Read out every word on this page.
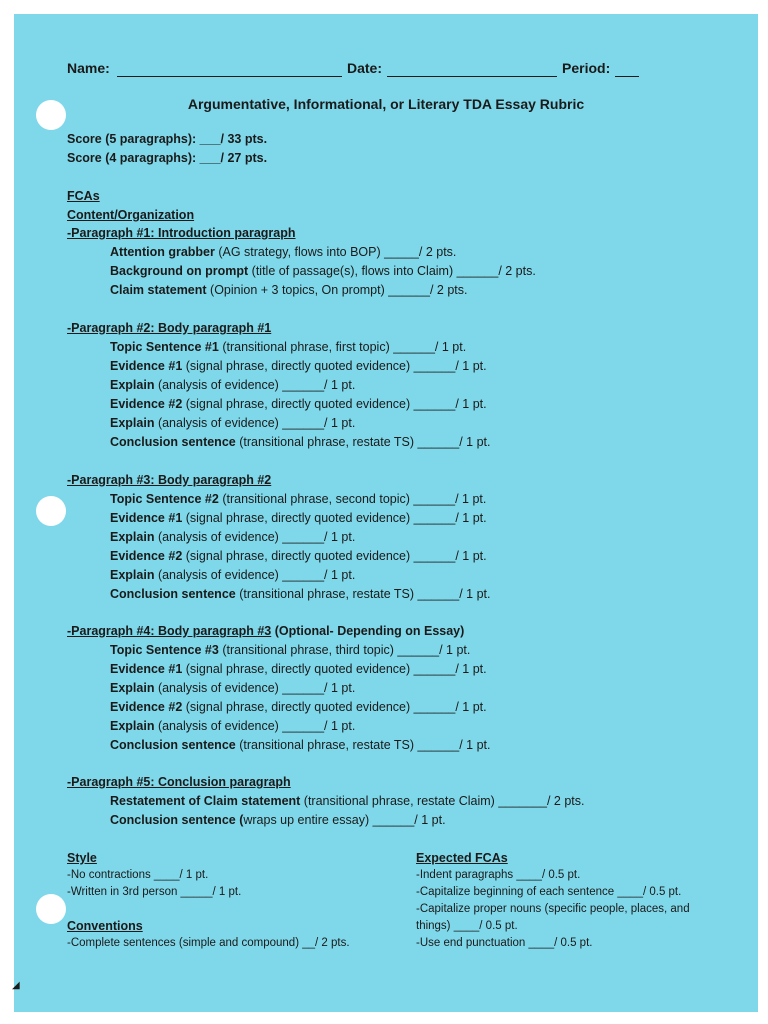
Name:	Date:	Period:
Argumentative, Informational, or Literary TDA Essay Rubric
Score (5 paragraphs): ___/ 33 pts.
Score (4 paragraphs): ___/ 27 pts.
FCAs
Content/Organization
-Paragraph #1: Introduction paragraph
Attention grabber (AG strategy, flows into BOP) _____/ 2 pts.
Background on prompt (title of passage(s), flows into Claim) ______/ 2 pts.
Claim statement (Opinion + 3 topics, On prompt) ______/ 2 pts.
-Paragraph #2: Body paragraph #1
Topic Sentence #1 (transitional phrase, first topic) ______/ 1 pt.
Evidence #1 (signal phrase, directly quoted evidence) ______/ 1 pt.
Explain (analysis of evidence) ______/ 1 pt.
Evidence #2 (signal phrase, directly quoted evidence) ______/ 1 pt.
Explain (analysis of evidence) ______/ 1 pt.
Conclusion sentence (transitional phrase, restate TS) ______/ 1 pt.
-Paragraph #3: Body paragraph #2
Topic Sentence #2 (transitional phrase, second topic) ______/ 1 pt.
Evidence #1 (signal phrase, directly quoted evidence) ______/ 1 pt.
Explain (analysis of evidence) ______/ 1 pt.
Evidence #2 (signal phrase, directly quoted evidence) ______/ 1 pt.
Explain (analysis of evidence) ______/ 1 pt.
Conclusion sentence (transitional phrase, restate TS) ______/ 1 pt.
-Paragraph #4: Body paragraph #3 (Optional- Depending on Essay)
Topic Sentence #3 (transitional phrase, third topic) ______/ 1 pt.
Evidence #1 (signal phrase, directly quoted evidence) ______/ 1 pt.
Explain (analysis of evidence) ______/ 1 pt.
Evidence #2 (signal phrase, directly quoted evidence) ______/ 1 pt.
Explain (analysis of evidence) ______/ 1 pt.
Conclusion sentence (transitional phrase, restate TS) ______/ 1 pt.
-Paragraph #5: Conclusion paragraph
Restatement of Claim statement (transitional phrase, restate Claim) _______/ 2 pts.
Conclusion sentence (wraps up entire essay) ______/ 1 pt.
Style
-No contractions ____/ 1 pt.
-Written in 3rd person _____/ 1 pt.
Conventions
-Complete sentences (simple and compound) __/ 2 pts.
Expected FCAs
-Indent paragraphs ____/ 0.5 pt.
-Capitalize beginning of each sentence ____/ 0.5 pt.
-Capitalize proper nouns (specific people, places, and
things) ____/ 0.5 pt.
-Use end punctuation ____/ 0.5 pt.
◢
